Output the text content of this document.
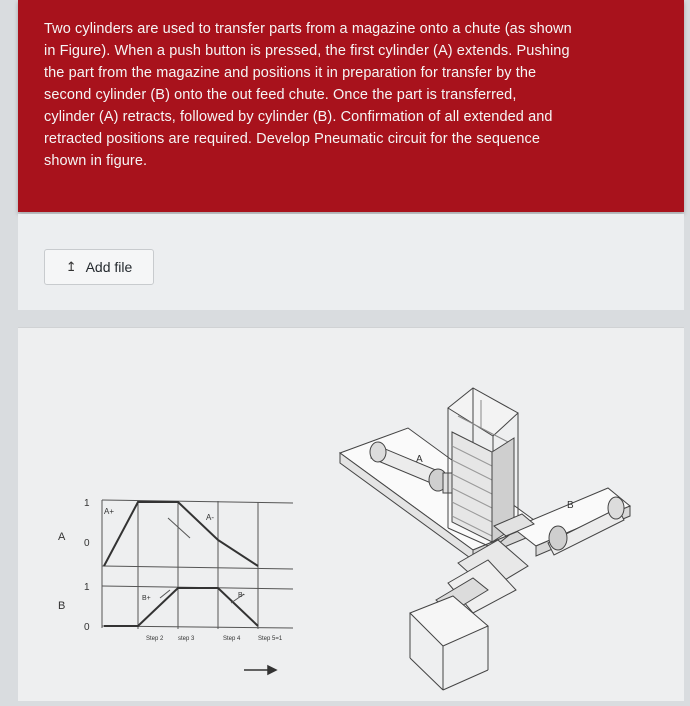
Two cylinders are used to transfer parts from a magazine onto a chute (as shown
in Figure). When a push button is pressed, the first cylinder (A) extends. Pushing
the part from the magazine and positions it in preparation for transfer by the
second cylinder (B) onto the out feed chute. Once the part is transferred,
cylinder (A) retracts, followed by cylinder (B). Confirmation of all extended and
retracted positions are required. Develop Pneumatic circuit for the sequence
shown in figure.
↥ Add file
A
B
1
0
1
0
A+
A-
B+	B-
Step 2 step 3	Step 4	Step 5=1
A
B
